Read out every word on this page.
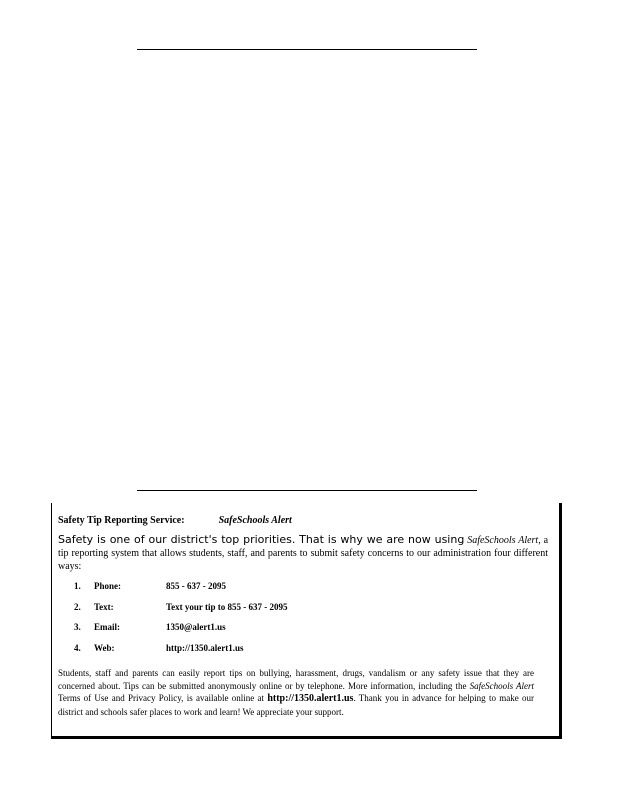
Safety Tip Reporting Service:	SafeSchools Alert

Safety is one of our district's top priorities. That is why we are now using SafeSchools Alert, a tip reporting system that allows students, staff, and parents to submit safety concerns to our administration four different ways:

1.	Phone:	855 - 637 - 2095
2.	Text:	Text your tip to 855 - 637 - 2095
3.	Email:	1350@alert1.us
4.	Web:	http://1350.alert1.us

Students, staff and parents can easily report tips on bullying, harassment, drugs, vandalism or any safety issue that they are concerned about. Tips can be submitted anonymously online or by telephone. More information, including the SafeSchools Alert Terms of Use and Privacy Policy, is available online at http://1350.alert1.us. Thank you in advance for helping to make our district and schools safer places to work and learn! We appreciate your support.
